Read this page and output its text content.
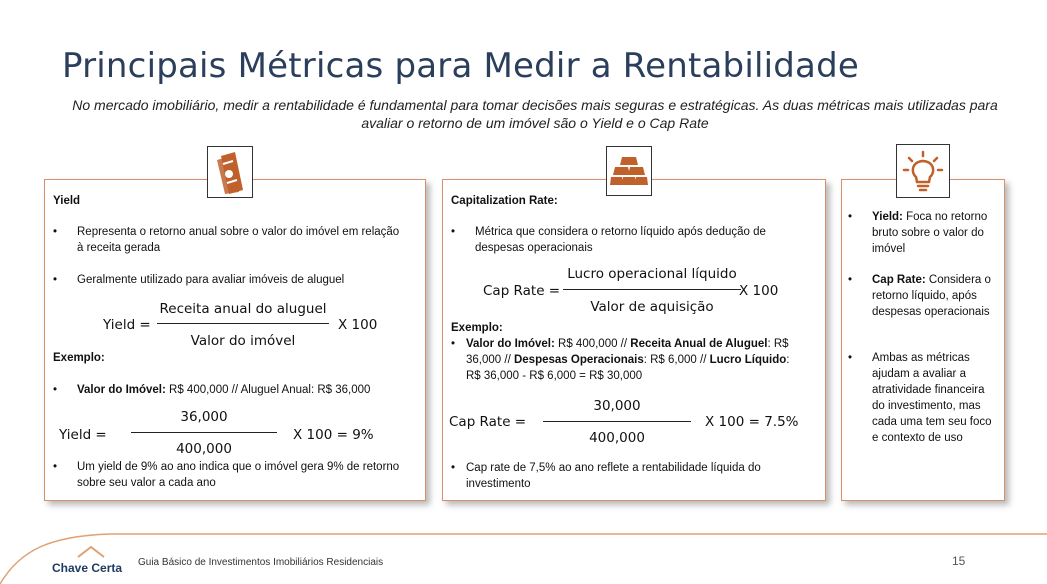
Principais Métricas para Medir a Rentabilidade
No mercado imobiliário, medir a rentabilidade é fundamental para tomar decisões mais seguras e estratégicas. As duas métricas mais utilizadas para avaliar o retorno de um imóvel são o Yield e o Cap Rate
Yield
• Representa o retorno anual sobre o valor do imóvel em relação à receita gerada
• Geralmente utilizado para avaliar imóveis de aluguel
Yield =
Receita anual do aluguel
Valor do imóvel
X 100
Exemplo:
• Valor do Imóvel: R$ 400,000 // Aluguel Anual: R$ 36,000
Yield =
36,000
400,000
X 100 = 9%
• Um yield de 9% ao ano indica que o imóvel gera 9% de retorno sobre seu valor a cada ano
Capitalization Rate:
• Métrica que considera o retorno líquido após dedução de despesas operacionais
Cap Rate =
Lucro operacional líquido
Valor de aquisição
X 100
Exemplo:
• Valor do Imóvel: R$ 400,000 // Receita Anual de Aluguel: R$ 36,000 // Despesas Operacionais: R$ 6,000 // Lucro Líquido: R$ 36,000 - R$ 6,000 = R$ 30,000
Cap Rate =
30,000
400,000
X 100 = 7.5%
• Cap rate de 7,5% ao ano reflete a rentabilidade líquida do investimento
• Yield: Foca no retorno bruto sobre o valor do imóvel
• Cap Rate: Considera o retorno líquido, após despesas operacionais
• Ambas as métricas ajudam a avaliar a atratividade financeira do investimento, mas cada uma tem seu foco e contexto de uso
Chave Certa Guia Básico de Investimentos Imobiliários Residenciais	15
